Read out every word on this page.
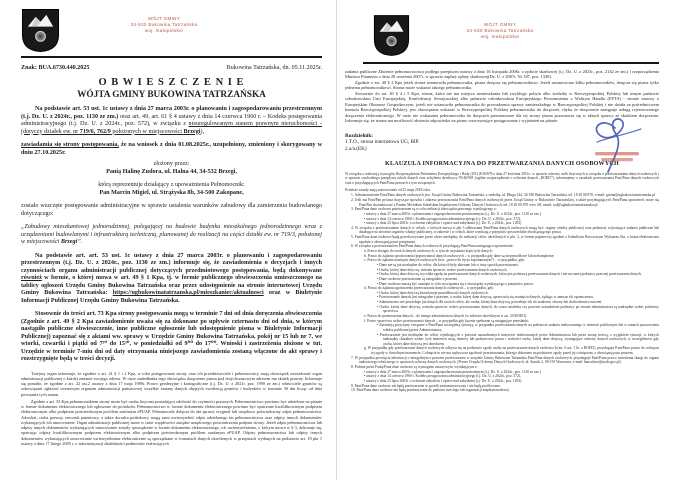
WÓJT GMINY
34-530 Bukowina Tatrzańska
woj. małopolskie
Znak: BUA.6730.440.2025	Bukowina Tatrzańska, dn. 05.11.2025r.
O B W I E S Z C Z E N I E
WÓJTA GMINY BUKOWINA TATRZAŃSKA

Na podstawie art. 53 ust. 1c ustawy z dnia 27 marca 2003r. o planowaniu i zagospodarowaniu przestrzennym (t.j. Dz. U. z 2024r., poz. 1130 ze zm.) oraz art. 49, art. 61 § 4 ustawy z dnia 14 czerwca 1960 r. – Kodeks postępowania administracyjnego (t.j. Dz. U. z 2024r., poz. 572), w związku z nieuregulowanym stanem prawnym nieruchomości - (dotyczy działek ew. nr 719/6, 762/9 położonych w miejscowości Brzegi),

zawiadamia się strony postępowania, że na wniosek z dnia 01.08.2025r., uzupełniony, zmieniony i skorygowany w dniu 27.10.2025r.

złożony przez:

Panią Halinę Zudora, ul. Halna 44, 34-532 Brzegi,

którą reprezentuje działający z upoważnienia Pełnomocnik:

Pan Marcin Migiel, ul. Strążyska 8b, 34-500 Zakopane,

zostało wszczęte postępowanie administracyjne w sprawie ustalenia warunków zabudowy dla zamierzenia budowlanego dotyczącego:

„Zabudowy mieszkaniowej jednorodzinnej, polegającej na budowie budynku mieszkalnego jednorodzinnego wraz z urządzeniami budowlanymi i infrastrukturą techniczną, planowanej do realizacji na części działki ew. nr 719/3, położonej w miejscowości Brzegi”.

Na podstawie art. art. 53 ust. 1c ustawy z dnia 27 marca 2003r. o planowaniu i zagospodarowaniu przestrzennym (t.j. Dz. U. z 2024r., poz. 1130 ze zm.) informuje się, że zawiadomienia o decyzjach i innych czynnościach organu administracji publicznej dotyczących przedmiotowego postępowania, będą dokonywane również w formie, o której mowa w art. 49 § 1 Kpa, tj. w formie publicznego obwieszczenia umieszczonego na tablicy ogłoszeń Urzędu Gminy Bukowina Tatrzańska oraz przez udostępnienie na stronie internetowej Urzędu Gminy Bukowina Tatrzańska: https://ugbukowinatatrzanska.pl/mieszkaniec/aktualnosci oraz w Biuletynie Informacji Publicznej Urzędu Gminy Bukowina Tatrzańska.

Stosownie do treści art. 73 Kpa strony postępowania mogą w terminie 7 dni od dnia doręczenia obwieszczenia (Zgodnie z art. 49 § 2 Kpa zawiadomienie uważa się za dokonane po upływie czternastu dni od dnia, w którym nastąpiło publiczne obwieszczenie, inne publiczne ogłoszenie lub udostępnienie pisma w Biuletynie Informacji Publicznej) zapoznać się z aktami ww. sprawy w Urzędzie Gminy Bukowina Tatrzańska, pokój nr 15 lub nr 7, we wtorki, czwartki i piątki od 7³⁰ do 15³⁰, w poniedziałki od 9⁰⁰ do 17⁰⁰. Wnioski i zastrzeżenia złożone w tut. Urzędzie w terminie 7-miu dni od daty otrzymania niniejszego zawiadomienia zostaną włączone do akt sprawy i rozstrzygnięte będą w treści decyzji.

Tutejszy organ informuje, że zgodnie z art. 41 § 1 i 2 Kpa, w toku postępowania strony oraz ich przedstawiciele i pełnomocnicy mają obowiązek zawiadomić organ administracji publicznej o każdej zmianie swojego adresu. W razie zaniedbania tego obowiązku doręczenie pisma pod dotychczasowym adresem ma skutek prawny. Informuje się ponadto, że zgodnie z art. 22 ust.2 ustawy z dnia 17 maja 1989r. Prawo geodezyjne i kartograficzne (t.j. Dz. U. z 2021r. poz. 1990 ze zm.) właściciele gruntów są zobowiązani zgłaszać terenowym organom administracji państwowej wszelkie zmiany danych objętych ewidencją gruntów i budynków w terminie 30 dni licząc od dnia powstania tych zmian.

Zgodnie z art. 33 Kpa pełnomocnikiem strony może być osoba fizyczna posiadająca zdolność do czynności prawnych. Pełnomocnictwo powinno być udzielone na piśmie w formie dokumentu elektronicznego lub zgłoszone do protokołu. Pełnomocnictwo w formie dokumentu elektronicznego powinno być opatrzone kwalifikowanym podpisem elektronicznym albo podpisem potwierdzonym profilem zaufanym ePUAP. Pełnomocnik dołącza do akt sprawy oryginał lub urzędowo poświadczony odpis pełnomocnictwa. Adwokat, radca prawny, rzecznik patentowy, a także doradca podatkowy mogą sami uwierzytelnić odpis udzielonego im pełnomocnictwa oraz odpisy innych dokumentów wykazujących ich umocowanie. Organ administracji publicznej może w razie wątpliwości zażądać urzędowego poświadczenia podpisu strony. Jeżeli odpis pełnomocnictwa lub odpisy innych dokumentów wykazujących umocowanie zostały sporządzone w formie dokumentu elektronicznego, ich uwierzytelnienia, o którym mowa w § 3, dokonuje się, opatrując odpisy kwalifikowanym podpisem elektronicznym albo podpisem potwierdzonym profilem zaufanym ePUAP. Odpisy pełnomocnictwa lub odpisy innych dokumentów wykazujących umocowanie uwierzytelniane elektronicznie są sporządzane w formatach danych określonych w przepisach wydanych na podstawie art. 18 pkt 1 ustawy z dnia 17 lutego 2005 r. o informatyzacji działalności podmiotów realizujących

WÓJT GMINY
34-530 Bukowina Tatrzańska
woj. małopolskie

zadania publiczne Złożenie pełnomocnictwa podlega przepisom ustawy z dnia 16 listopada 2006r. o opłacie skarbowej (t.j. Dz. U. z 2023r., poz. 2142 ze zm.) i rozporządzenia Ministra Finansów z dnia 28 września 2007r. w sprawie zapłaty opłaty skarbowej(Dz. U. z 2007r. Nr 187, poz. 1330).

Zgodnie z art. 40 § 2 Kpa jeżeli strona ustanowiła pełnomocnika, pisma doręcza się pełnomocnikowi. Jeżeli ustanowiono kilku pełnomocników, doręcza się pisma tylko jednemu pełnomocnikowi. Strona może wskazać takiego pełnomocnika.

Stosownie do art. 40 § 4 i 5 Kpa, strona, która nie ma miejsca zamieszkania lub zwykłego pobytu albo siedziby w Rzeczypospolitej Polskiej lub innym państwie członkowskim Unii Europejskiej, Konfederacji Szwajcarskiej albo państwie członkowskim Europejskiego Porozumienia o Wolnym Handlu (EFTA) - stronie umowy o Europejskim Obszarze Gospodarczym, jeżeli nie ustanowiła pełnomocnika do prowadzenia sprawy zamieszkałego w Rzeczypospolitej Polskiej i nie działa za pośrednictwem konsula Rzeczypospolitej Polskiej, jest obowiązana wskazać w Rzeczypospolitej Polskiej pełnomocnika do doręczeń, chyba że doręczenie następuje usługą rejestrowanego doręczenia elektronicznego. W razie nie wskazania pełnomocnika do doręczeń przeznaczone dla tej strony pisma pozostawia się w aktach sprawy ze skutkiem doręczenia. Informuje się, że strona ma możliwość złożenia odpowiedzi na pismo wszczynające postępowanie i wyjaśnień na piśmie.

Rozdzielnik:
1.T.O., strona internetowa UG, BIP.
2.a/a.(EK)
KLAUZULA INFORMACYJNA DO PRZETWARZANIA DANYCH OSOBOWYCH

W związku z realizacją wymogów Rozporządzenia Parlamentu Europejskiego i Rady (UE) 2016/679 z dnia 27 kwietnia 2016 r. w sprawie ochrony osób fizycznych w związku z przetwarzaniem danych osobowych i w sprawie swobodnego przepływu takich danych oraz uchylenia dyrektywy 95/46/WE (ogólne rozporządzenie o ochronie danych „RODO”), informujemy o zasadach przetwarzania Pani/Pana danych osobowych oraz o przysługujących Pani/Panu prawach z tym związanych.

Poniższe zasady mają zastosowanie od 25 maja 2018 roku.

1. Administratorem Pani/Pana danych osobowych jest: Urząd Gminy Bukowina Tatrzańska, z siedzibą: ul. Długa 144, 34-530 Bukowina Tatrzańska, tel. 18 20 00 870, e-mail: gmina@ugbukowinatatrzanska.pl
2. Jeśli ma Pani/Pan pytania dotyczące sposobu i zakresu przetwarzania Pani/Pana danych osobowych przez Urząd Gminy w Bukowinie Tatrzańskiej, a także przysługujących Pani/Panu uprawnień, może się Pani/Pan skontaktować z Panem Michałem Sokulskim Inspektorem Ochrony Danych Osobowych, tel: 18 20 00 870 wew. 68, email: iod@ugbukowinatatrzanska.pl
3. Pani/Pana dane osobowe przetwarzane są w celu realizacji obowiązku prawnego wynikającego z:
• ustawy z dnia 27 marca 2003r. o planowaniu i zagospodarowaniu przestrzennym (t.j. Dz. U. z 2024r., poz. 1130 ze zm.),
• ustawy z dnia 14 czerwca 1960 r. Kodeks postępowania administracyjnego (t.j. Dz. U. z 2024r., poz. 572),
• ustawy z dnia 23 lipca 2003r. o ochronie zabytków i opiece nad zabytkami (t.j. Dz. U. z 2024r., poz. 1292)
4. W związku z przetwarzaniem danych w celach, o których mowa w pkt 3 odbiorcami Pani/Pana danych osobowych mogą być: organy władzy publicznej oraz podmioty wykonujące zadania publiczne lub działające na zlecenie organów władzy publicznej, w zakresie i w celach, które wynikają z przepisów powszechnie obowiązującego prawa.
5. Pani/Pana dane osobowe będą przechowywane przez okres niezbędny do realizacji celów określonych w pkt. 3, w formie papierowej zgodnie z Jednolitym Rzeczowym Wykazem Akt, a forma elektroniczna zgodnie z obowiązującymi przepisami.
6. W związku z przetwarzaniem Pani/Pana danych osobowych przysługują Pani/Panu następujące uprawnienia:
a. Prawo dostępu do swoich danych osobowych, w tym do uzyskania kopii tych danych;
b. Prawo do żądania sprostowania (poprawiania) danych osobowych – w przypadku gdy dane są nieprawidłowe lub niekompletne;
c. Prawo do żądania usunięcia danych osobowych (tzw. „prawo do bycia zapomnianym”) – w przypadku, gdy:
• Dane nie są już niezbędne do celów, dla których były zbierane lub w inny sposób przetwarzane,
• Osoba, której dane dotyczą, wniosła sprzeciw wobec przetwarzania danych osobowych,
• Osoba, której dane dotyczą wycofała zgodę na przetwarzanie danych osobowych, która jest podstawą przetwarzania danych i nie ma innej podstawy prawnej przetwarzania danych,
• Dane osobowe przetwarzane są niezgodnie z prawem,
• Dane osobowe muszą być usunięte w celu wywiązania się z obowiązku wynikającego z przepisów prawa.
d. Prawo do żądania ograniczenia przetwarzania danych osobowych – w przypadku, gdy:
• Osoba, której dane dotyczą kwestionuje prawidłowość danych osobowych,
• Przetwarzanie danych jest niezgodne z prawem, a osoba, której dane dotyczą, sprzeciwia się usunięciu danych, żądając w zamian ich ograniczenia,
• Administrator nie potrzebuje już danych dla swoich celów, ale osoba, której dane dotyczą, potrzebuje ich do ustalenia, obrony lub dochodzenia roszczeń,
• Osoba, której dane dotyczą, wniosła sprzeciw wobec przetwarzania danych, do czasu ustalenia czy prawnie uzasadnione podstawy po stronie administratora są nadrzędne wobec podstawy sprzeciwu.
e. Prawo do przenoszenia danych – do innego administratora danych (w zakresie określonym w art. 20 RODO).
f. Prawo sprzeciwu wobec przetwarzania danych – w przypadku gdy łącznie spełnione są następujące przesłanki:
• Zaistnieją przyczyny związane z Pani/Pana szczególną sytuacją, w przypadku przetwarzania danych na podstawie zadania realizowanego w interesie publicznym lub w ramach sprawowania władzy publicznej przez Administratora,
• Przetwarzanie jest niezbędne do celów wynikających z prawnie uzasadnionych interesów realizowanych przez Administratora lub przez stronę trzecią, z wyjątkiem sytuacji, w których nadrzędny charakter wobec tych interesów mają interesy lub podstawowe prawa i wolności osoby, której dane dotyczą, wymagające ochrony danych osobowych, w szczególności gdy osoba, której dane dotyczą jest dzieckiem.
g. W przypadku gdy przetwarzanie danych osobowych odbywa się na podstawie zgody osoby na przetwarzanie danych osobowych (art. 6 ust. 1 lit. a RODO), przysługuje Pani/Panu prawo do cofnięcia tej zgody w dowolnym momencie. Cofnięcie to nie ma wpływu na zgodność przetwarzania, którego dokonano na podstawie zgody przed jej cofnięciem, z obowiązującym prawem.
7. W przypadku powzięcia informacji o niezgodnym z prawem przetwarzaniu w urzędzie Gminy Bukowina Tatrzańska Pani/Pana danych osobowych, przysługuje Pani/Panu prawo wniesienia skargi do organu nadzorczego właściwego w sprawach ochrony danych osobowych. (Prezes Urzędu Ochrony Danych Osobowych, ul. Stawki 2, 00-193 Warszawa, e-mail: kancelaria@uodo.gov.pl)
8. Podane przez Panią/Pana dane osobowe są wymogiem ustawowym, wynikającym z:
• ustawy z dnia 27 marca 2003r. o planowaniu i zagospodarowaniu przestrzennym (t.j. Dz. U. z 2024r., poz. 1130 ze zm.),
• ustawy z dnia 14 czerwca 1960 r. Kodeks postępowania administracyjnego (t.j. Dz. U. z 2024r., poz. 572),
• ustawy z dnia 23 lipca 2003r. o ochronie zabytków i opiece nad zabytkami (t.j. Dz. U. z 2024r., poz. 1292)
9. Pani/Pana dane osobowe nie będą przetwarzane w sposób zautomatyzowany i nie będą profilowane.
10. Pani/Pana dane osobowe nie będą przekazywane do państwa trzeciego lub organizacji międzynarodowej.
